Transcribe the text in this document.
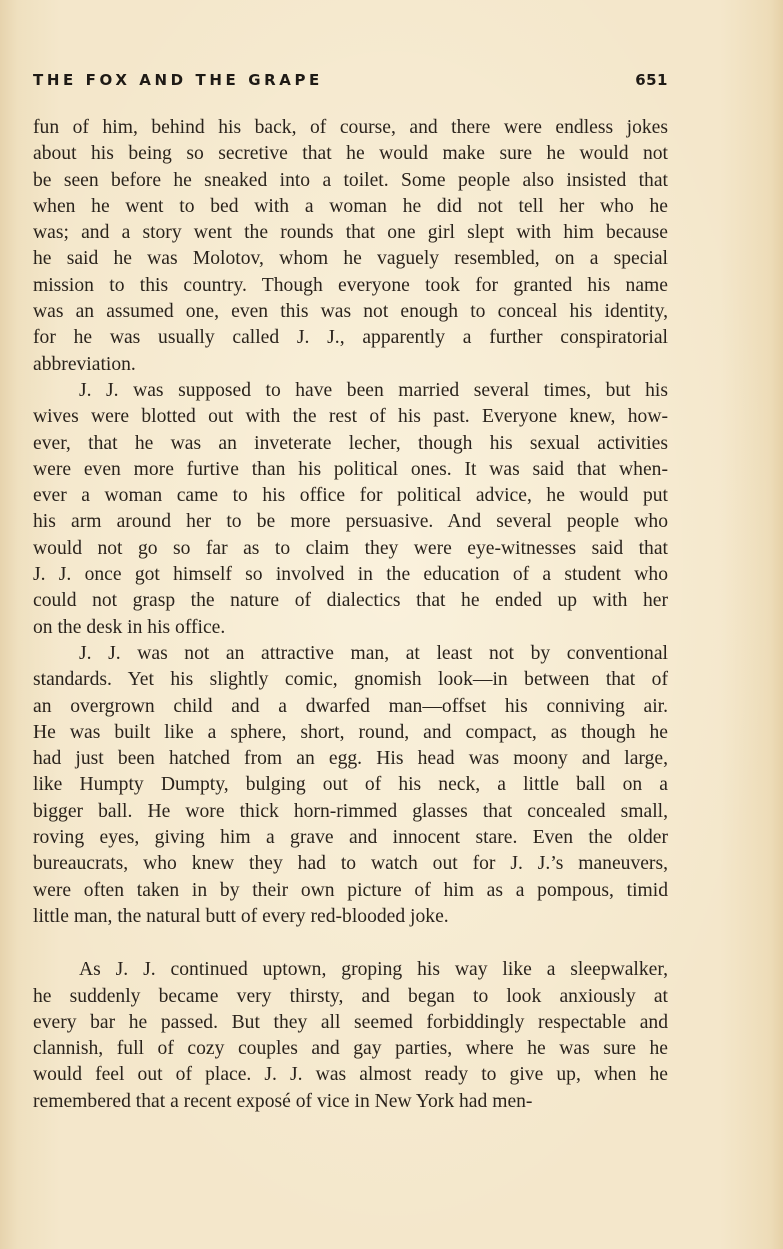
THE FOX AND THE GRAPE	651

fun of him, behind his back, of course, and there were endless jokes
about his being so secretive that he would make sure he would not
be seen before he sneaked into a toilet. Some people also insisted that
when he went to bed with a woman he did not tell her who he
was; and a story went the rounds that one girl slept with him because
he said he was Molotov, whom he vaguely resembled, on a special
mission to this country. Though everyone took for granted his name
was an assumed one, even this was not enough to conceal his identity,
for he was usually called J. J., apparently a further conspiratorial
abbreviation.

J. J. was supposed to have been married several times, but his
wives were blotted out with the rest of his past. Everyone knew, how-
ever, that he was an inveterate lecher, though his sexual activities
were even more furtive than his political ones. It was said that when-
ever a woman came to his office for political advice, he would put
his arm around her to be more persuasive. And several people who
would not go so far as to claim they were eye-witnesses said that
J. J. once got himself so involved in the education of a student who
could not grasp the nature of dialectics that he ended up with her
on the desk in his office.

J. J. was not an attractive man, at least not by conventional
standards. Yet his slightly comic, gnomish look—in between that of
an overgrown child and a dwarfed man—offset his conniving air.
He was built like a sphere, short, round, and compact, as though he
had just been hatched from an egg. His head was moony and large,
like Humpty Dumpty, bulging out of his neck, a little ball on a
bigger ball. He wore thick horn-rimmed glasses that concealed small,
roving eyes, giving him a grave and innocent stare. Even the older
bureaucrats, who knew they had to watch out for J. J.’s maneuvers,
were often taken in by their own picture of him as a pompous, timid
little man, the natural butt of every red-blooded joke.

As J. J. continued uptown, groping his way like a sleepwalker,
he suddenly became very thirsty, and began to look anxiously at
every bar he passed. But they all seemed forbiddingly respectable and
clannish, full of cozy couples and gay parties, where he was sure he
would feel out of place. J. J. was almost ready to give up, when he
remembered that a recent exposé of vice in New York had men-
